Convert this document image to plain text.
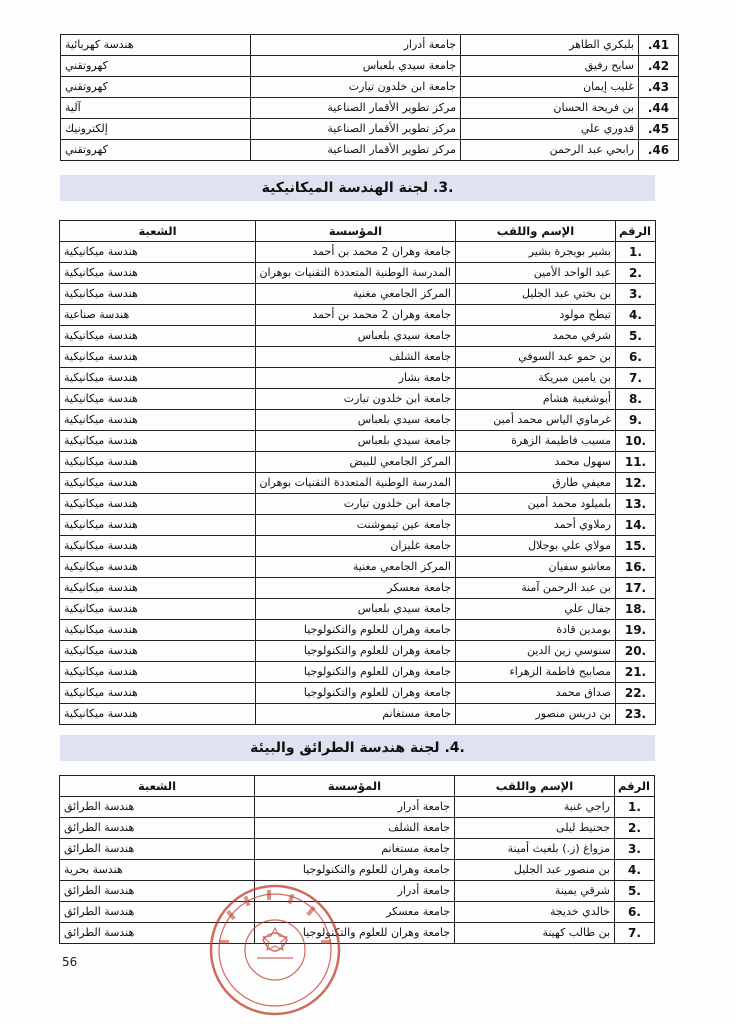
.41	بلبكري الطاهر	جامعة أدرار	هندسة كهربائية
.42	سايح رفيق	جامعة سيدي بلعباس	كهروتقني
.43	غليب إيمان	جامعة ابن خلدون تيارت	كهروتقني
.44	بن فريحة الحسان	مركز تطوير الأقمار الصناعية	آلية
.45	قدوري علي	مركز تطوير الأقمار الصناعية	إلكترونيك
.46	رابحي عبد الرحمن	مركز تطوير الأقمار الصناعية	كهروتقني
.3. لجنة الهندسة الميكانيكية
الرقم	الإسم واللقب	المؤسسة	الشعبة
1.	بشير بويجرة بشير	جامعة وهران 2 محمد بن أحمد	هندسة ميكانيكية
2.	عبد الواحد الأمين	المدرسة الوطنية المتعددة التقنيات بوهران	هندسة ميكانيكية
3.	بن بختي عبد الجليل	المركز الجامعي مغنية	هندسة ميكانيكية
4.	تيطح مولود	جامعة وهران 2 محمد بن أحمد	هندسة صناعية
5.	شرفي محمد	جامعة سيدي بلعباس	هندسة ميكانيكية
6.	بن حمو عبد السوفي	جامعة الشلف	هندسة ميكانيكية
7.	بن يامين مبريكة	جامعة بشار	هندسة ميكانيكية
8.	أبوشغيبة هشام	جامعة ابن خلدون تيارت	هندسة ميكانيكية
9.	غرماوي الياس محمد أمين	جامعة سيدي بلعباس	هندسة ميكانيكية
10.	مسيب فاطيمة الزهرة	جامعة سيدي بلعباس	هندسة ميكانيكية
11.	سهول محمد	المركز الجامعي للبيض	هندسة ميكانيكية
12.	معيفي طارق	المدرسة الوطنية المتعددة التقنيات بوهران	هندسة ميكانيكية
13.	بلميلود محمد أمين	جامعة ابن خلدون تيارت	هندسة ميكانيكية
14.	رملاوي أحمد	جامعة عين تيموشنت	هندسة ميكانيكية
15.	مولاي علي بوجلال	جامعة غليزان	هندسة ميكانيكية
16.	معاشو سفيان	المركز الجامعي مغنية	هندسة ميكانيكية
17.	بن عبد الرحمن آمنة	جامعة معسكر	هندسة ميكانيكية
18.	جفال علي	جامعة سيدي بلعباس	هندسة ميكانيكية
19.	بومدين قادة	جامعة وهران للعلوم والتكنولوجيا	هندسة ميكانيكية
20.	سنوسي زين الدين	جامعة وهران للعلوم والتكنولوجيا	هندسة ميكانيكية
21.	مصابيح فاطمة الزهراء	جامعة وهران للعلوم والتكنولوجيا	هندسة ميكانيكية
22.	صداق محمد	جامعة وهران للعلوم والتكنولوجيا	هندسة ميكانيكية
23.	بن دريس منصور	جامعة مستغانم	هندسة ميكانيكية
.4. لجنة هندسة الطرائق والبيئة
الرقم	الإسم واللقب	المؤسسة	الشعبة
1.	راجي غنية	جامعة أدرار	هندسة الطرائق
2.	جحنيط ليلى	جامعة الشلف	هندسة الطرائق
3.	مزواغ (ز.) بلغيث أمينة	جامعة مستغانم	هندسة الطرائق
4.	بن منصور عبد الجليل	جامعة وهران للعلوم والتكنولوجيا	هندسة بحرية
5.	شرقي يمينة	جامعة أدرار	هندسة الطرائق
6.	خالدي خديجة	جامعة معسكر	هندسة الطرائق
7.	بن طالب كهينة	جامعة وهران للعلوم والتكنولوجيا	هندسة الطرائق
56
